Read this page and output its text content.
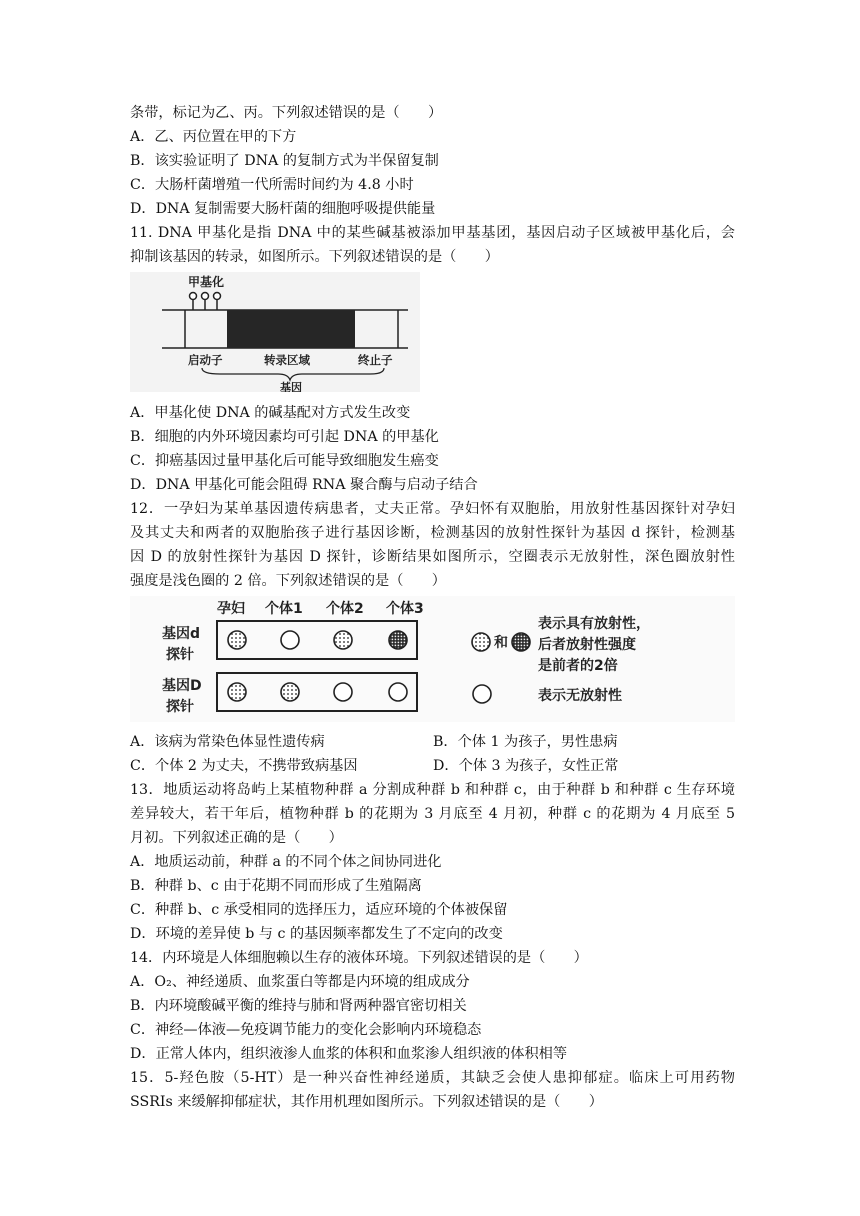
条带，标记为乙、丙。下列叙述错误的是（　　）
A．乙、丙位置在甲的下方
B．该实验证明了 DNA 的复制方式为半保留复制
C．大肠杆菌增殖一代所需时间约为 4.8 小时
D．DNA 复制需要大肠杆菌的细胞呼吸提供能量
11. DNA 甲基化是指 DNA 中的某些碱基被添加甲基基团，基因启动子区域被甲基化后，会
抑制该基因的转录，如图所示。下列叙述错误的是（　　）
甲基化
启动子	转录区域	终止子
基因
A．甲基化使 DNA 的碱基配对方式发生改变
B．细胞的内外环境因素均可引起 DNA 的甲基化
C．抑癌基因过量甲基化后可能导致细胞发生癌变
D．DNA 甲基化可能会阻碍 RNA 聚合酶与启动子结合
12．一孕妇为某单基因遗传病患者，丈夫正常。孕妇怀有双胞胎，用放射性基因探针对孕妇
及其丈夫和两者的双胞胎孩子进行基因诊断，检测基因的放射性探针为基因 d 探针，检测基
因 D 的放射性探针为基因 D 探针，诊断结果如图所示，空圈表示无放射性，深色圈放射性
强度是浅色圈的 2 倍。下列叙述错误的是（　　）
孕妇 个体1 个体2 个体3
基因d
探针
基因D
探针
和
表示具有放射性，
后者放射性强度
是前者的2倍
表示无放射性
A．该病为常染色体显性遗传病	B．个体 1 为孩子，男性患病
C．个体 2 为丈夫，不携带致病基因	D．个体 3 为孩子，女性正常
13．地质运动将岛屿上某植物种群 a 分割成种群 b 和种群 c，由于种群 b 和种群 c 生存环境
差异较大，若干年后，植物种群 b 的花期为 3 月底至 4 月初，种群 c 的花期为 4 月底至 5
月初。下列叙述正确的是（　　）
A．地质运动前，种群 a 的不同个体之间协同进化
B．种群 b、c 由于花期不同而形成了生殖隔离
C．种群 b、c 承受相同的选择压力，适应环境的个体被保留
D．环境的差异使 b 与 c 的基因频率都发生了不定向的改变
14．内环境是人体细胞赖以生存的液体环境。下列叙述错误的是（　　）
A．O₂、神经递质、血浆蛋白等都是内环境的组成成分
B．内环境酸碱平衡的维持与肺和肾两种器官密切相关
C．神经—体液—免疫调节能力的变化会影响内环境稳态
D．正常人体内，组织液渗人血浆的体积和血浆渗人组织液的体积相等
15．5-羟色胺（5-HT）是一种兴奋性神经递质，其缺乏会使人患抑郁症。临床上可用药物
SSRIs 来缓解抑郁症状，其作用机理如图所示。下列叙述错误的是（　　）
